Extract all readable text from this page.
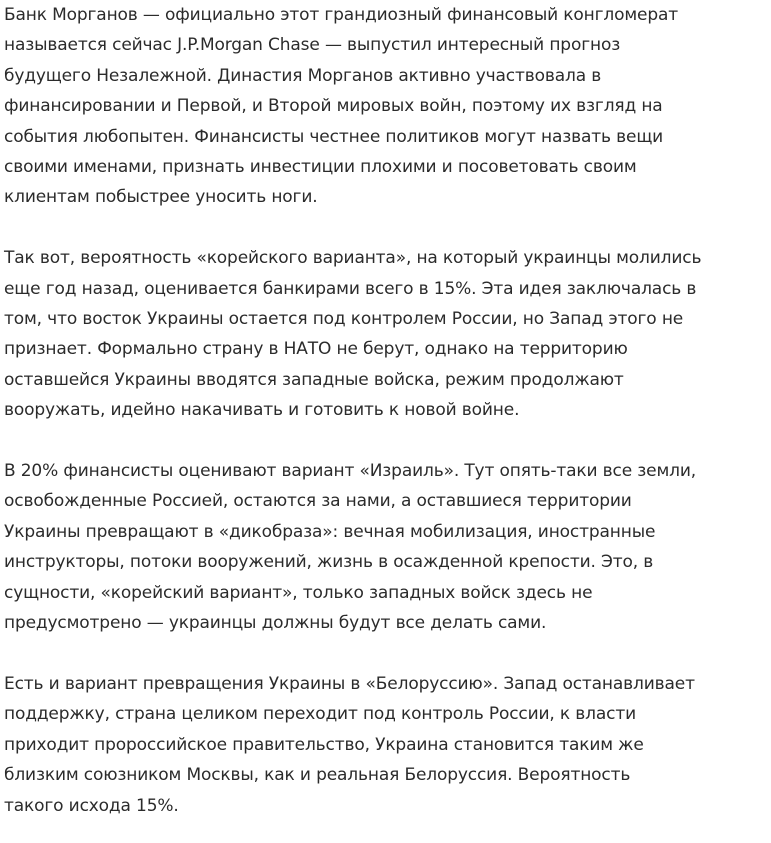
Банк Морганов — официально этот грандиозный финансовый конгломерат
называется сейчас J.P.Morgan Chase — выпустил интересный прогноз
будущего Незалежной. Династия Морганов активно участвовала в
финансировании и Первой, и Второй мировых войн, поэтому их взгляд на
события любопытен. Финансисты честнее политиков могут назвать вещи
своими именами, признать инвестиции плохими и посоветовать своим
клиентам побыстрее уносить ноги.

Так вот, вероятность «корейского варианта», на который украинцы молились
еще год назад, оценивается банкирами всего в 15%. Эта идея заключалась в
том, что восток Украины остается под контролем России, но Запад этого не
признает. Формально страну в НАТО не берут, однако на территорию
оставшейся Украины вводятся западные войска, режим продолжают
вооружать, идейно накачивать и готовить к новой войне.

В 20% финансисты оценивают вариант «Израиль». Тут опять-таки все земли,
освобожденные Россией, остаются за нами, а оставшиеся территории
Украины превращают в «дикобраза»: вечная мобилизация, иностранные
инструкторы, потоки вооружений, жизнь в осажденной крепости. Это, в
сущности, «корейский вариант», только западных войск здесь не
предусмотрено — украинцы должны будут все делать сами.

Есть и вариант превращения Украины в «Белоруссию». Запад останавливает
поддержку, страна целиком переходит под контроль России, к власти
приходит пророссийское правительство, Украина становится таким же
близким союзником Москвы, как и реальная Белоруссия. Вероятность
такого исхода 15%.
